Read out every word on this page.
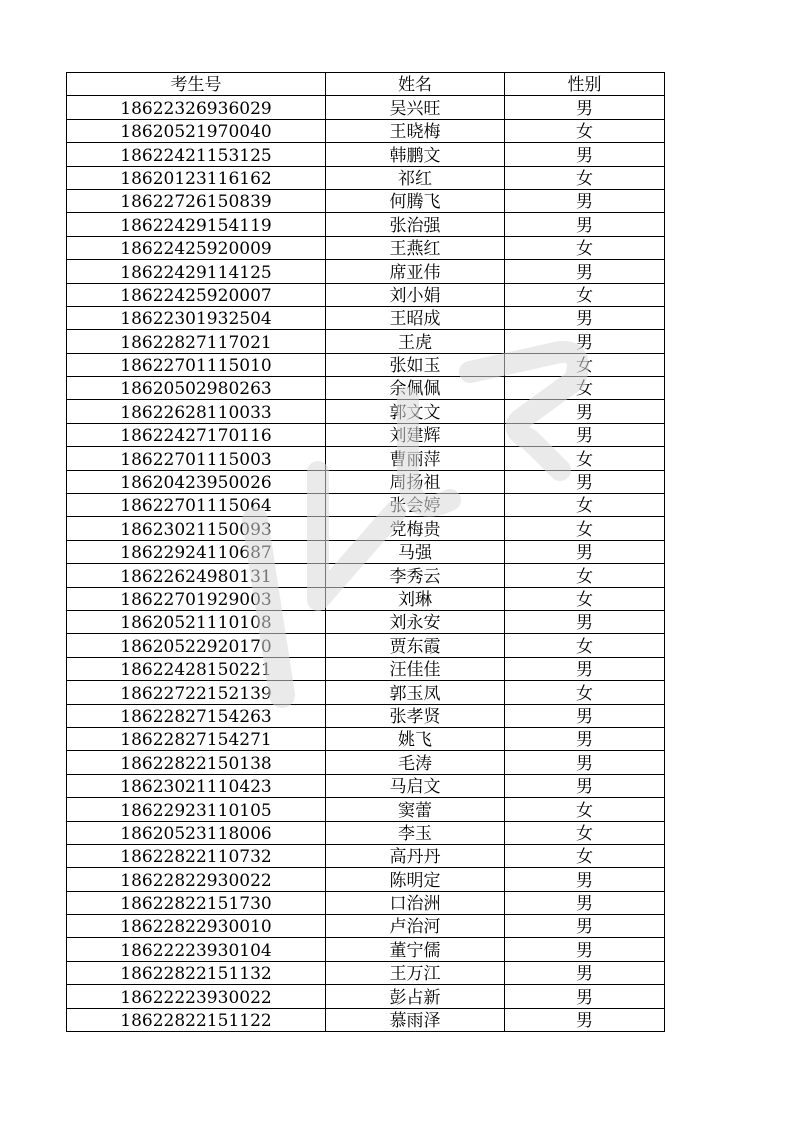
考生号	姓名	性别
18622326936029	吴兴旺	男
18620521970040	王晓梅	女
18622421153125	韩鹏文	男
18620123116162	祁红	女
18622726150839	何腾飞	男
18622429154119	张治强	男
18622425920009	王燕红	女
18622429114125	席亚伟	男
18622425920007	刘小娟	女
18622301932504	王昭成	男
18622827117021	王虎	男
18622701115010	张如玉	女
18620502980263	余佩佩	女
18622628110033	郭文文	男
18622427170116	刘建辉	男
18622701115003	曹丽萍	女
18620423950026	周扬祖	男
18622701115064	张会婷	女
18623021150093	党梅贵	女
18622924110687	马强	男
18622624980131	李秀云	女
18622701929003	刘琳	女
18620521110108	刘永安	男
18620522920170	贾东霞	女
18622428150221	汪佳佳	男
18622722152139	郭玉凤	女
18622827154263	张孝贤	男
18622827154271	姚飞	男
18622822150138	毛涛	男
18623021110423	马启文	男
18622923110105	窦蕾	女
18620523118006	李玉	女
18622822110732	高丹丹	女
18622822930022	陈明定	男
18622822151730	口治洲	男
18622822930010	卢治河	男
18622223930104	董宁儒	男
18622822151132	王万江	男
18622223930022	彭占新	男
18622822151122	慕雨泽	男
